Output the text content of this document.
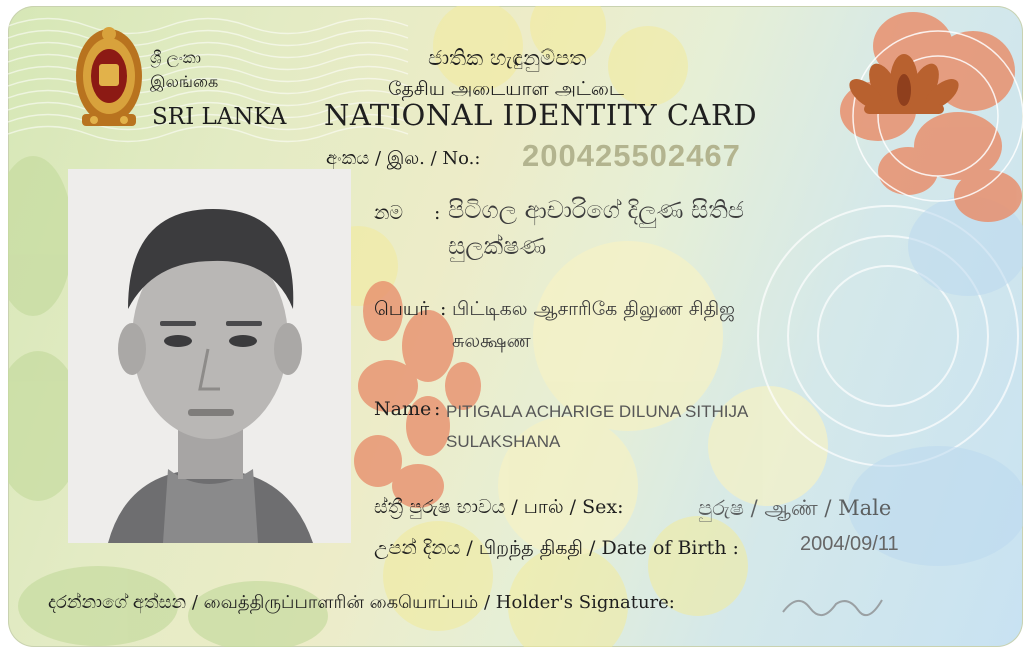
ශ්‍රී ලංකා
இலங்கை
SRI LANKA
ජාතික හැඳුනුම්පත
தேசிய அடையாள அட்டை
NATIONAL IDENTITY CARD
අංකය / இல. / No.: 200425502467
නම : පිටිගල ආචාරිගේ දිලුණ සිතිජ
සුලක්ෂණ
பெயர் : பிட்டிகல ஆசாரிகே திலுண சிதிஜ
சுலக்ஷண
Name : PITIGALA ACHARIGE DILUNA SITHIJA
SULAKSHANA
ස්ත්‍රී පුරුෂ භාවය / பால் / Sex:	පුරුෂ / ஆண் / Male
උපන් දිනය / பிறந்த திகதி / Date of Birth :	2004/09/11
දරන්නාගේ අත්සන / வைத்திருப்பாளரின் கையொப்பம் / Holder's Signature:
